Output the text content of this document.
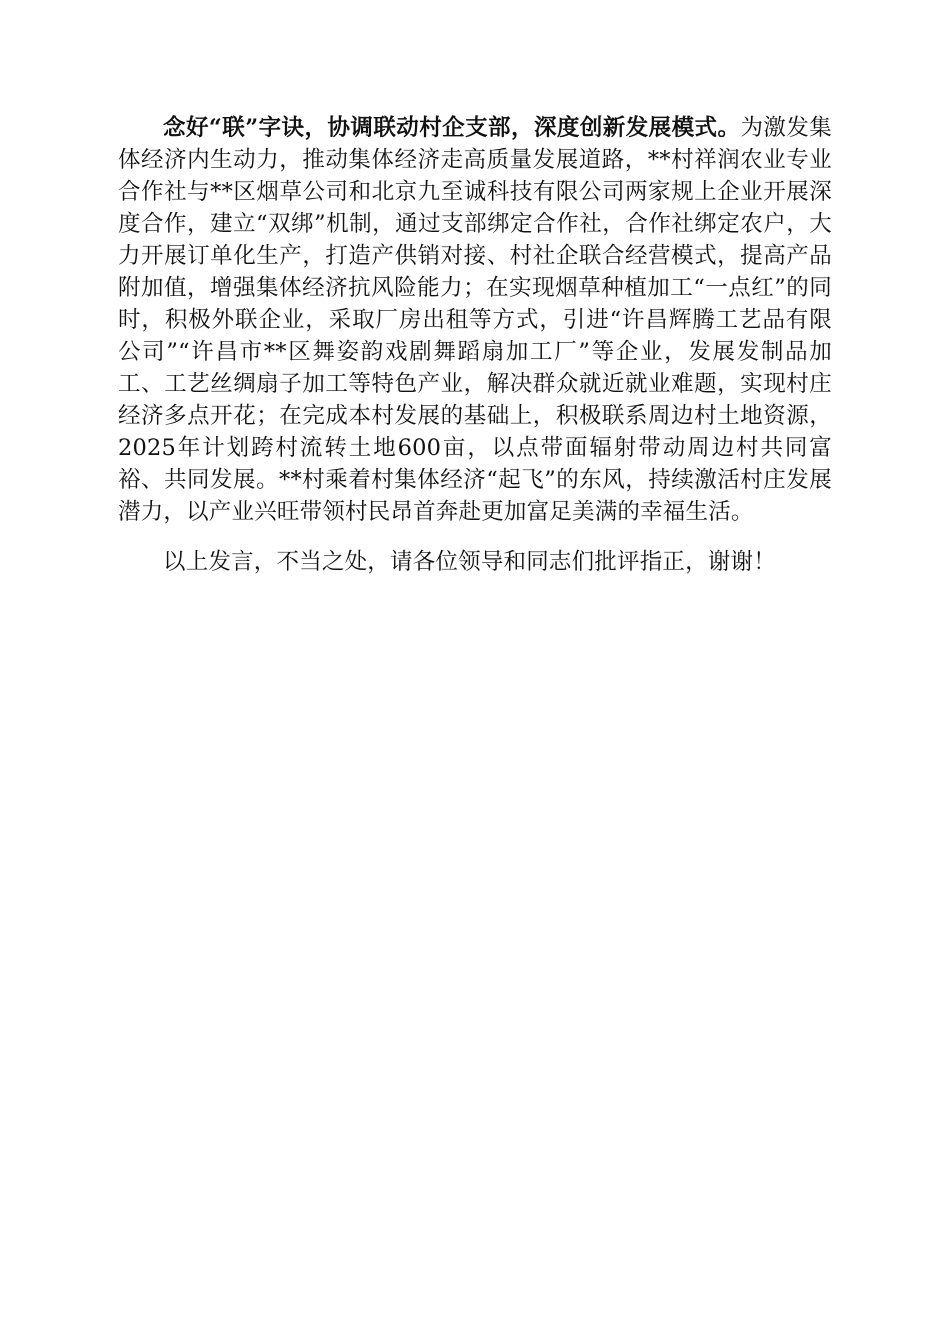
念好“联”字诀，协调联动村企支部，深度创新发展模式。为激发集体经济内生动力，推动集体经济走高质量发展道路，**村祥润农业专业合作社与**区烟草公司和北京九至诚科技有限公司两家规上企业开展深度合作，建立“双绑”机制，通过支部绑定合作社，合作社绑定农户，大力开展订单化生产，打造产供销对接、村社企联合经营模式，提高产品附加值，增强集体经济抗风险能力；在实现烟草种植加工“一点红”的同时，积极外联企业，采取厂房出租等方式，引进“许昌辉腾工艺品有限公司”“许昌市**区舞姿韵戏剧舞蹈扇加工厂”等企业，发展发制品加工、工艺丝绸扇子加工等特色产业，解决群众就近就业难题，实现村庄经济多点开花；在完成本村发展的基础上，积极联系周边村土地资源，2025年计划跨村流转土地600亩，以点带面辐射带动周边村共同富裕、共同发展。**村乘着村集体经济“起飞”的东风，持续激活村庄发展潜力，以产业兴旺带领村民昂首奔赴更加富足美满的幸福生活。

以上发言，不当之处，请各位领导和同志们批评指正，谢谢！
